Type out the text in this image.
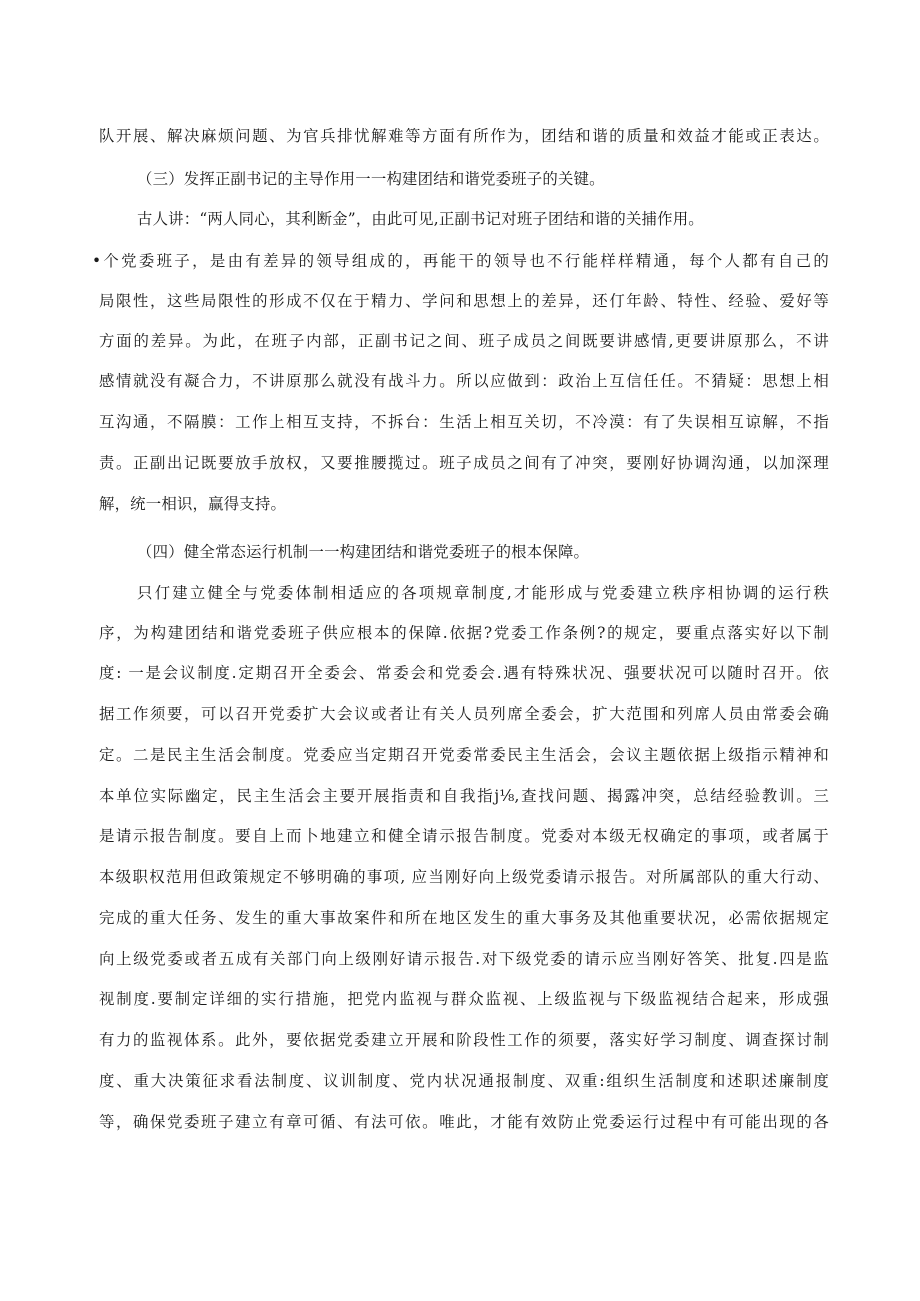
队开展、解决麻烦问题、为官兵排忧解难等方面有所作为，团结和谐的质量和效益才能或正表达。
（三）发挥正副书记的主导作用一一构建团结和谐党委班子的关键。
古人讲：“两人同心，其利断金”，由此可见,正副书记对班子团结和谐的关捕作用。
•个党委班子，是由有差异的领导组成的，再能干的领导也不行能样样精通，每个人都有自己的
局限性，这些局限性的形成不仅在于精力、学问和思想上的差异，还仃年龄、特性、经验、爱好等
方面的差异。为此，在班子内部，正副书记之间、班子成员之间既要讲感情,更要讲原那么，不讲
感情就没有凝合力，不讲原那么就没有战斗力。所以应做到：政治上互信任任。不猜疑：思想上相
互沟通，不隔膜：工作上相互支持，不拆台：生活上相互关切，不冷漠：有了失误相互谅解，不指
责。正副出记既要放手放权，又要推腰揽过。班子成员之间有了冲突，要刚好协调沟通，以加深理
解，统一相识，赢得支持。
（四）健全常态运行机制一一构建团结和谐党委班子的根本保障。
只仃建立健全与党委体制相适应的各项规章制度,才能形成与党委建立秩序相协调的运行秩
序，为构建团结和谐党委班子供应根本的保障.依据?党委工作条例?的规定，要重点落实好以下制
度: 一是会议制度.定期召开全委会、常委会和党委会.遇有特殊状况、强要状况可以随时召开。依
据工作须要，可以召开党委扩大会议或者让有关人员列席全委会，扩大范围和列席人员由常委会确
定。二是民主生活会制度。党委应当定期召开党委常委民主生活会，会议主题依据上级指示精神和
本单位实际幽定，民主生活会主要开展指责和自我指j⅛,查找问题、揭露冲突，总结经验教训。三
是请示报告制度。要自上而卜地建立和健全请示报告制度。党委对本级无权确定的事项，或者属于
本级职权范用但政策规定不够明确的事项, 应当刚好向上级党委请示报告。对所属部队的重大行动、
完成的重大任务、发生的重大事故案件和所在地区发生的重大事务及其他重要状况，必需依据规定
向上级党委或者五成有关部门向上级刚好请示报告.对下级党委的请示应当刚好答笑、批复.四是监
视制度.要制定详细的实行措施，把党内监视与群众监视、上级监视与下级监视结合起来，形成强
有力的监视体系。此外，要依据党委建立开展和阶段性工作的须要，落实好学习制度、调查探讨制
度、重大决策征求看法制度、议训制度、党内状况通报制度、双重:组织生活制度和述职述廉制度
等，确保党委班子建立有章可循、有法可依。唯此，才能有效防止党委运行过程中有可能出现的各
